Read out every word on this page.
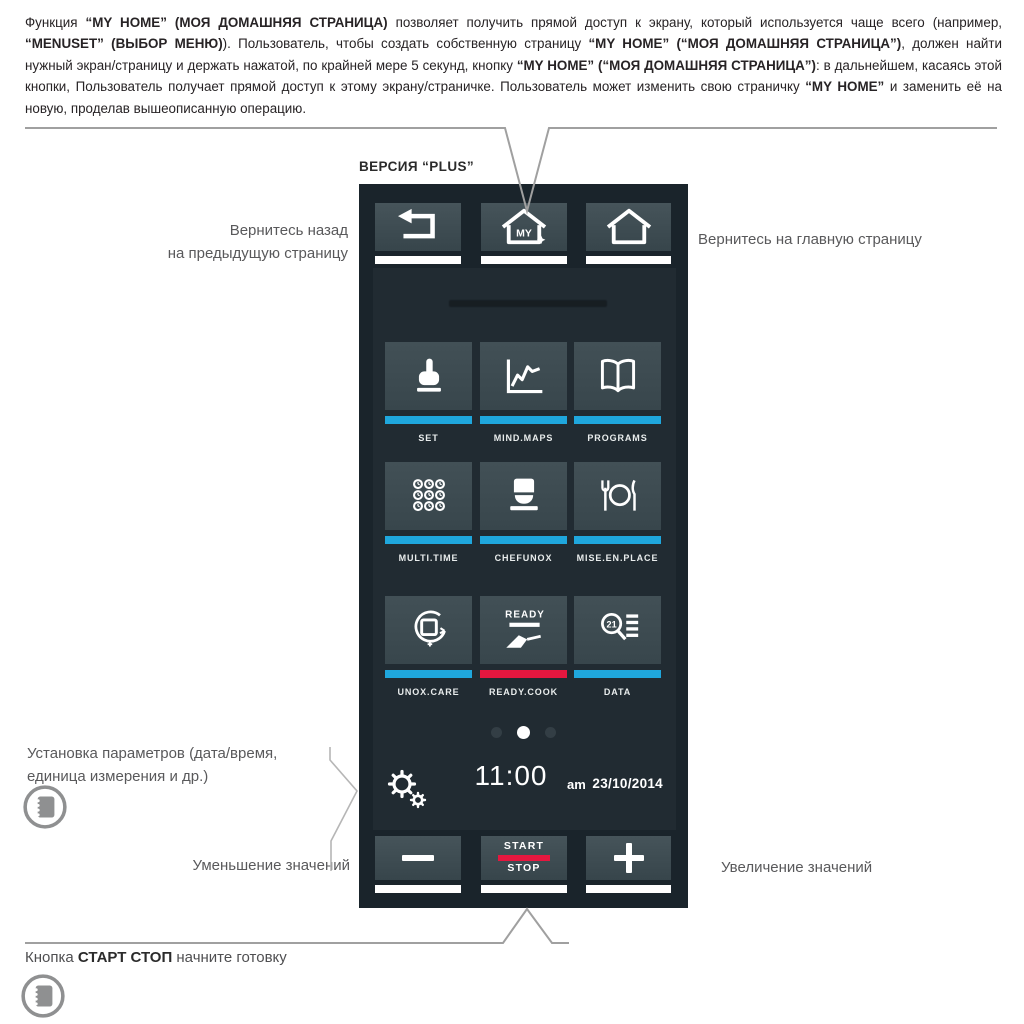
Функция “MY HOME” (МОЯ ДОМАШНЯЯ СТРАНИЦА) позволяет получить прямой доступ к экрану, который используется чаще всего (например, “MENUSET” (ВЫБОР МЕНЮ)). Пользователь, чтобы создать собственную страницу “MY HOME” (“МОЯ ДОМАШНЯЯ СТРАНИЦА”), должен найти нужный экран/страницу и держать нажатой, по крайней мере 5 секунд, кнопку “MY HOME” (“МОЯ ДОМАШНЯЯ СТРАНИЦА”): в дальнейшем, касаясь этой кнопки, Пользователь получает прямой доступ к этому экрану/страничке. Пользователь может изменить свою страничку “MY HOME” и заменить её на новую, проделав вышеописанную операцию.

ВЕРСИЯ “PLUS”
MY
SET	MIND.MAPS	PROGRAMS
MULTI.TIME	CHEFUNOX	MISE.EN.PLACE
UNOX.CARE
READY
READY.COOK
21
DATA
11:00	am 23/10/2014
START
STOP
Вернитесь назад
на предыдущую страницу
Вернитесь на главную страницу
Установка параметров (дата/время,
единица измерения и др.)
Уменьшение значений	Увеличение значений
Кнопка СТАРТ СТОП начните готовку
